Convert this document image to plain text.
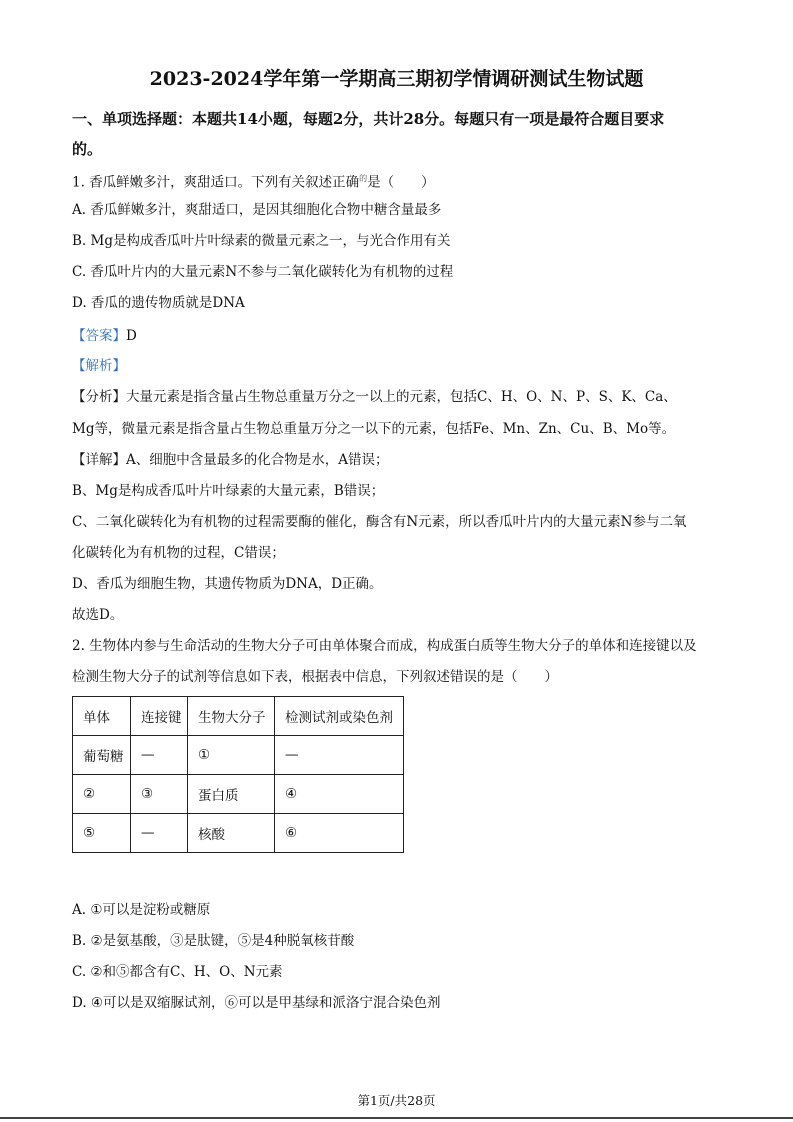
2023-2024学年第一学期高三期初学情调研测试生物试题
一、单项选择题：本题共14小题，每题2分，共计28分。每题只有一项是最符合题目要求
的。
1. 香瓜鲜嫩多汁，爽甜适口。下列有关叙述正确$^的$是（　　）
A. 香瓜鲜嫩多汁，爽甜适口，是因其细胞化合物中糖含量最多
B. Mg是构成香瓜叶片叶绿素的微量元素之一，与光合作用有关
C. 香瓜叶片内的大量元素N不参与二氧化碳转化为有机物的过程
D. 香瓜的遗传物质就是DNA
【答案】D
【解析】
【分析】大量元素是指含量占生物总重量万分之一以上的元素，包括C、H、O、N、P、S、K、Ca、
Mg等，微量元素是指含量占生物总重量万分之一以下的元素，包括Fe、Mn、Zn、Cu、B、Mo等。
【详解】A、细胞中含量最多的化合物是水，A错误；
B、Mg是构成香瓜叶片叶绿素的大量元素，B错误；
C、二氧化碳转化为有机物的过程需要酶的催化，酶含有N元素，所以香瓜叶片内的大量元素N参与二氧
化碳转化为有机物的过程，C错误；
D、香瓜为细胞生物，其遗传物质为DNA，D正确。
故选D。
2. 生物体内参与生命活动的生物大分子可由单体聚合而成，构成蛋白质等生物大分子的单体和连接键以及
检测生物大分子的试剂等信息如下表，根据表中信息，下列叙述错误的是（　　）
单体	连接键	生物大分子	检测试剂或染色剂
葡萄糖	—	①	—
②	③	蛋白质	④
⑤	—	核酸	⑥
A. ①可以是淀粉或糖原
B. ②是氨基酸，③是肽键，⑤是4种脱氧核苷酸
C. ②和⑤都含有C、H、O、N元素
D. ④可以是双缩脲试剂，⑥可以是甲基绿和派洛宁混合染色剂
第1页/共28页
